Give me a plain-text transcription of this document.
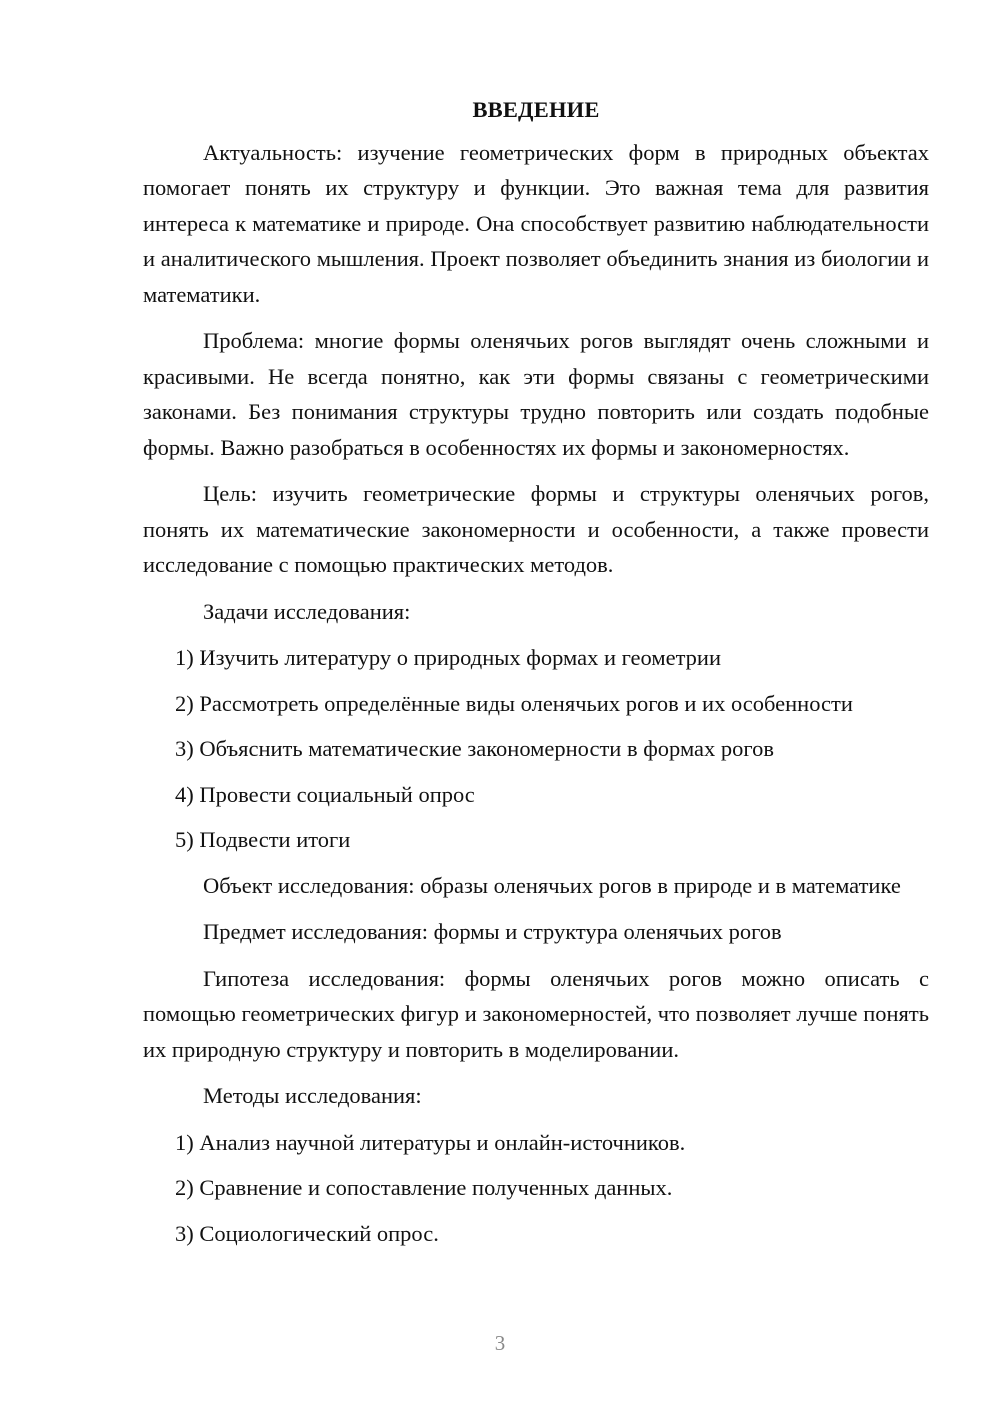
ВВЕДЕНИЕ

Актуальность: изучение геометрических форм в природных объектах помогает понять их структуру и функции. Это важная тема для развития интереса к математике и природе. Она способствует развитию наблюдательности и аналитического мышления. Проект позволяет объединить знания из биологии и математики.

Проблема: многие формы оленячьих рогов выглядят очень сложными и красивыми. Не всегда понятно, как эти формы связаны с геометрическими законами. Без понимания структуры трудно повторить или создать подобные формы. Важно разобраться в особенностях их формы и закономерностях.

Цель: изучить геометрические формы и структуры оленячьих рогов, понять их математические закономерности и особенности, а также провести исследование с помощью практических методов.

Задачи исследования:
1) Изучить литературу о природных формах и геометрии
2) Рассмотреть определённые виды оленячьих рогов и их особенности
3) Объяснить математические закономерности в формах рогов
4) Провести социальный опрос
5) Подвести итоги

Объект исследования: образы оленячьих рогов в природе и в математике

Предмет исследования: формы и структура оленячьих рогов

Гипотеза исследования: формы оленячьих рогов можно описать с помощью геометрических фигур и закономерностей, что позволяет лучше понять их природную структуру и повторить в моделировании.

Методы исследования:
1) Анализ научной литературы и онлайн-источников.
2) Сравнение и сопоставление полученных данных.
3) Социологический опрос.
3
